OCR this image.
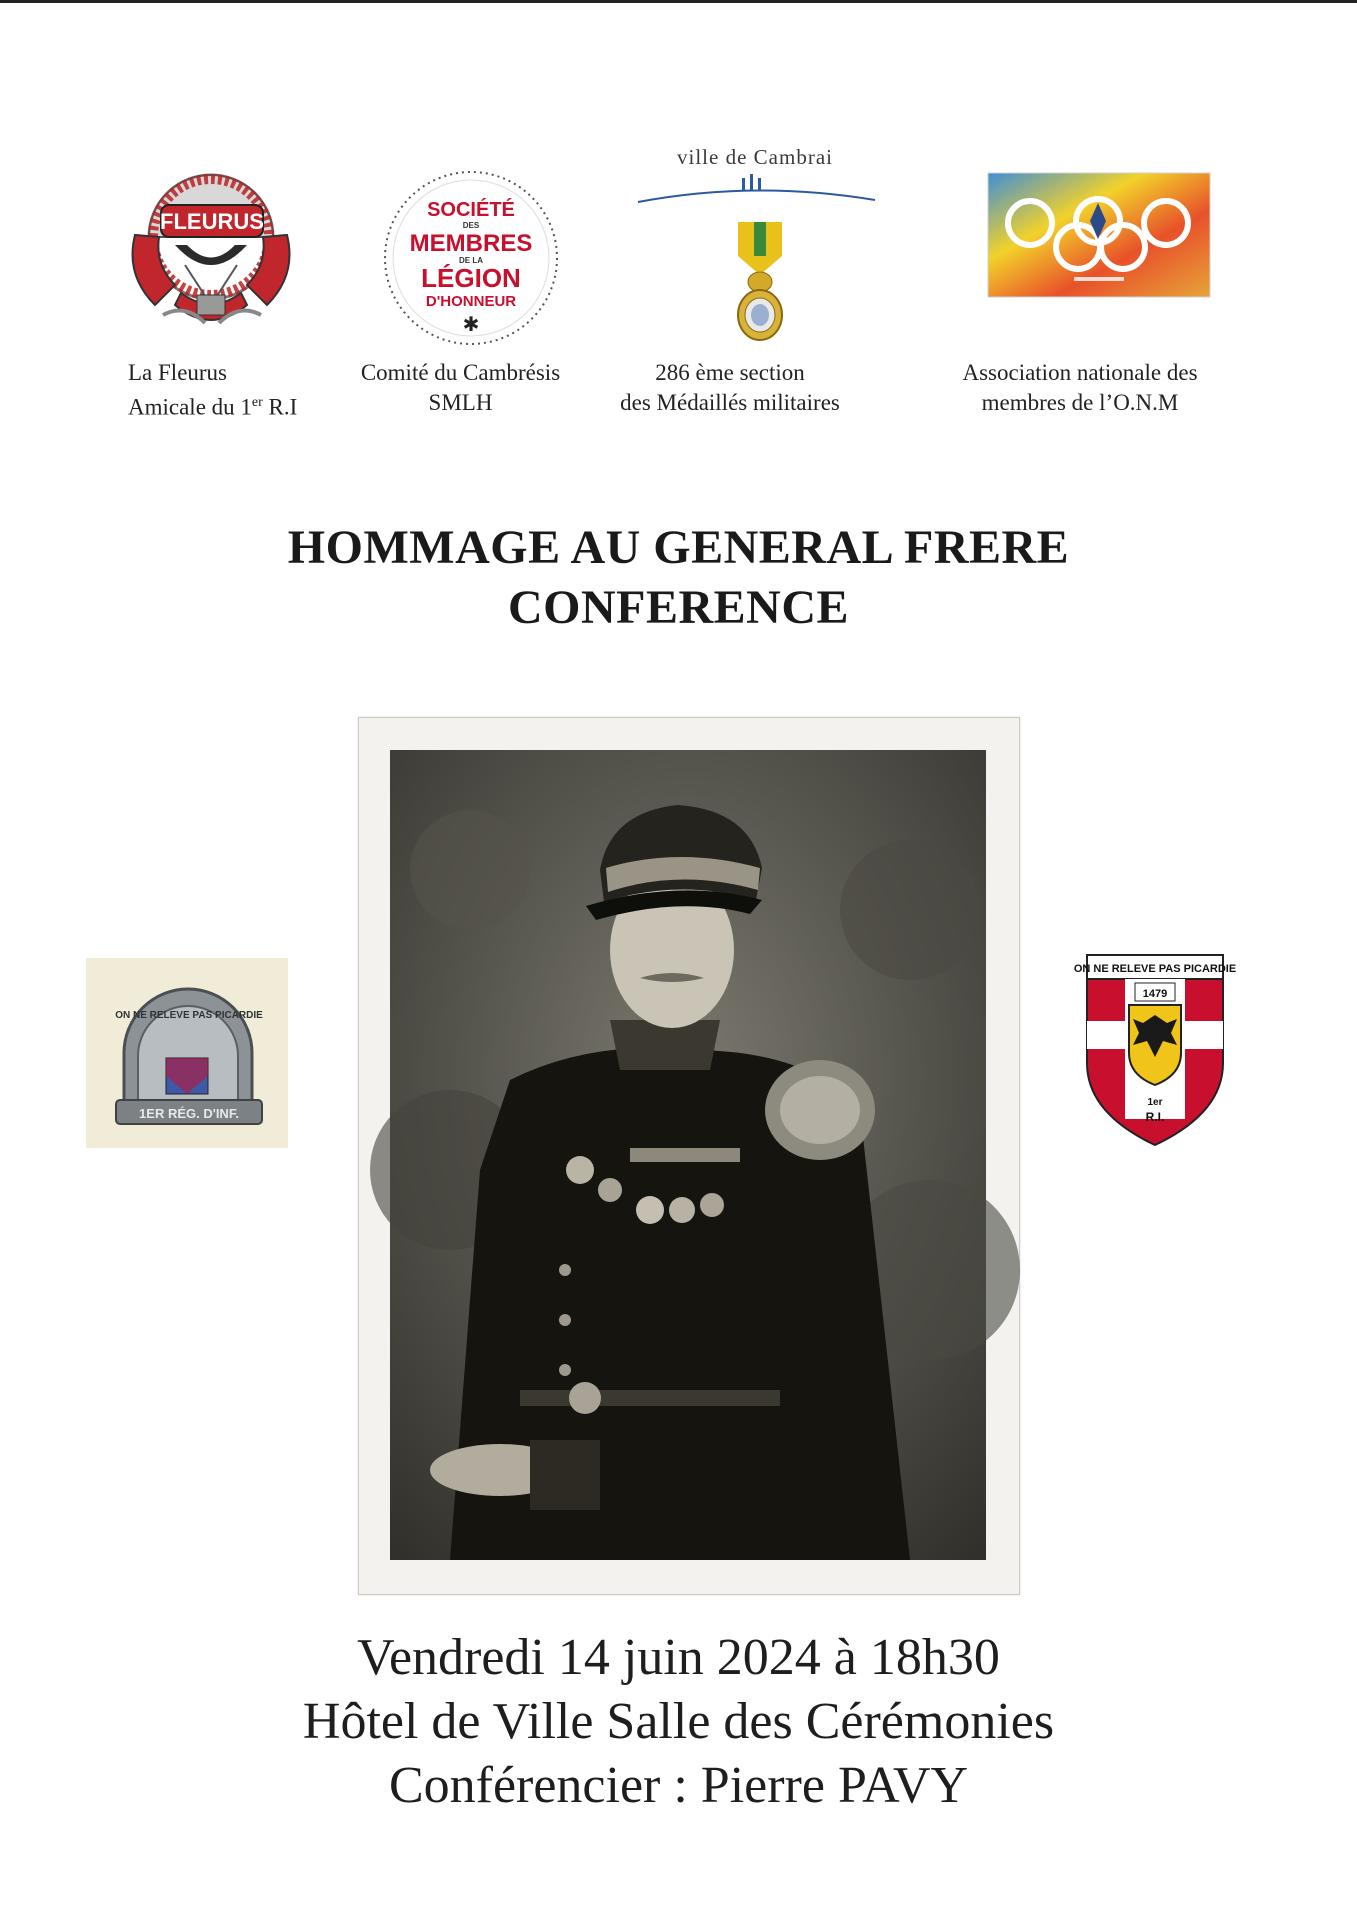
FLEURUS
La Fleurus
Amicale du 1er R.I
SOCIÉTÉ
DES
MEMBRES
DE LA
LÉGION
D'HONNEUR
✱
Comité du Cambrésis
SMLH
ville de Cambrai
286 ème section
des Médaillés militaires
Association nationale des
membres de l’O.N.M
HOMMAGE AU GENERAL FRERE
CONFERENCE
1ER RÉG. D'INF.
ON NE RELEVE PAS PICARDIE
ON NE RELEVE PAS PICARDIE
1479
1er
R.I.
Vendredi 14 juin 2024 à 18h30
Hôtel de Ville Salle des Cérémonies
Conférencier : Pierre PAVY
